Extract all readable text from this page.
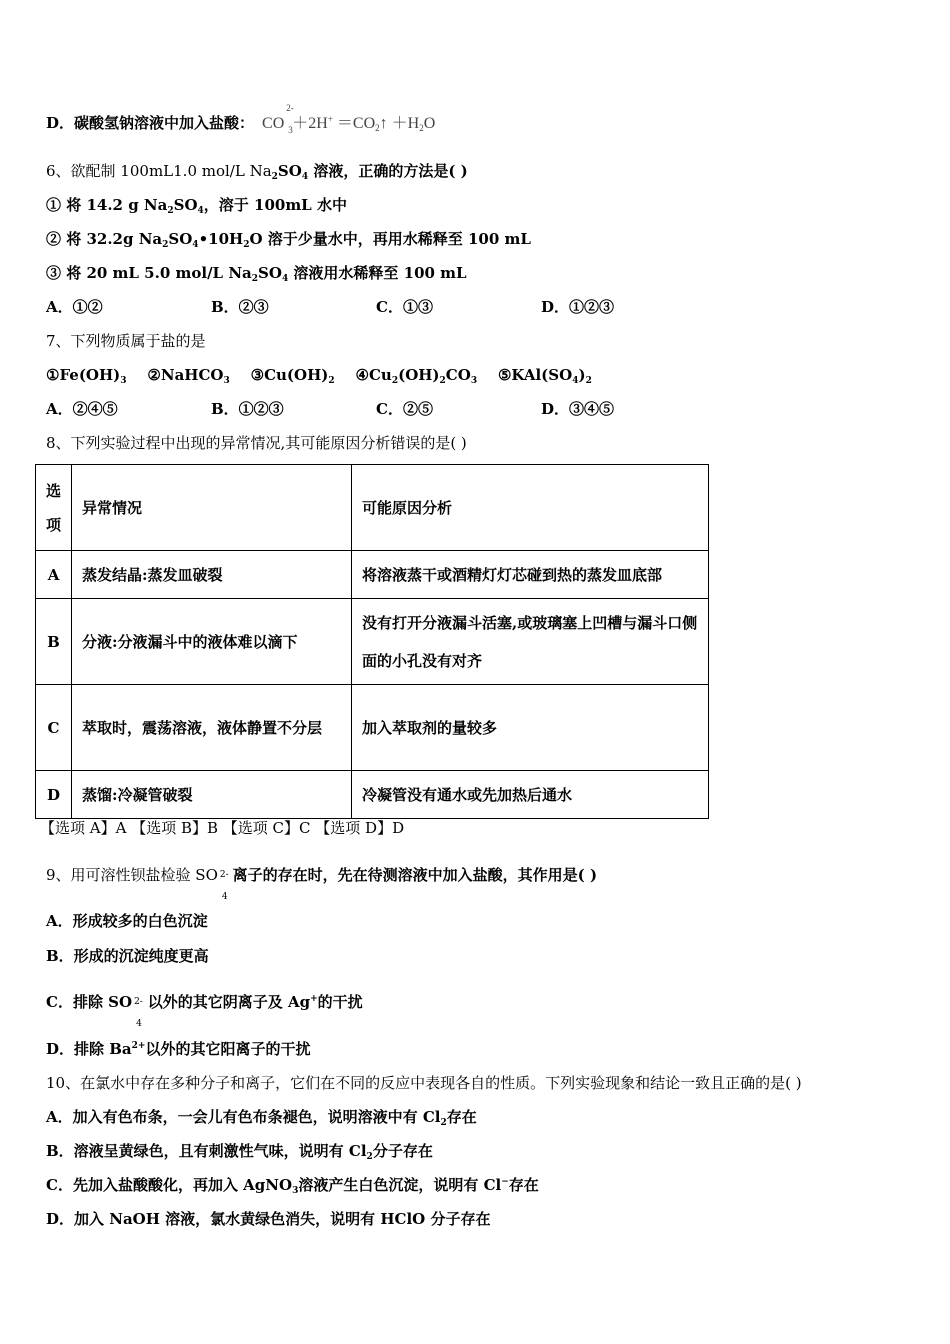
D．碳酸氢钠溶液中加入盐酸： CO
2-
$3 +2H^+ =CO_2↑ +H_2O$
6、欲配制 100mL1.0 mol/L $Na_2SO_4$ 溶液，正确的方法是( )
① 将 14.2 g $Na_2SO_4$，溶于 100mL 水中
② 将 32.2g $Na_2SO_4•10H_2O$ 溶于少量水中，再用水稀释至 100 mL
③ 将 20 mL 5.0 mol/L $Na_2SO_4$ 溶液用水稀释至 100 mL
A．①②	B．②③	C．①③	D．①②③
7、下列物质属于盐的是
$①Fe(OH)_3$ ②NaHCO$_3$ $③Cu(OH)_2$ $④Cu_2(OH)_2CO_3$ $⑤KAl(SO_4)_2$
A．②④⑤	B．①②③	C．②⑤	D．③④⑤
8、下列实验过程中出现的异常情况,其可能原因分析错误的是( )
选
项	异常情况	可能原因分析
A	蒸发结晶:蒸发皿破裂	将溶液蒸干或酒精灯灯芯碰到热的蒸发皿底部
B	分液:分液漏斗中的液体难以滴下	没有打开分液漏斗活塞,或玻璃塞上凹槽与漏斗口侧面的小孔没有对齐
C	萃取时，震荡溶液，液体静置不分层	加入萃取剂的量较多
D	蒸馏:冷凝管破裂	冷凝管没有通水或先加热后通水
【选项 A】A 【选项 B】B 【选项 C】C 【选项 D】D
9、用可溶性钡盐检验 SO 2-
4
离子的存在时，先在待测溶液中加入盐酸，其作用是( )
A．形成较多的白色沉淀
B．形成的沉淀纯度更高
C．排除 SO 2-
4
以外的其它阴离子及 Ag+的干扰
D．排除 $Ba^{2+}$以外的其它阳离子的干扰
10、在氯水中存在多种分子和离子，它们在不同的反应中表现各自的性质。下列实验现象和结论一致且正确的是( )
A．加入有色布条，一会儿有色布条褪色，说明溶液中有 $Cl_2$存在
B．溶液呈黄绿色，且有刺激性气味，说明有 $Cl_2$分子存在
C．先加入盐酸酸化，再加入 AgNO$_3$溶液产生白色沉淀，说明有 Cl−存在
D．加入 NaOH 溶液，氯水黄绿色消失，说明有 HClO 分子存在
